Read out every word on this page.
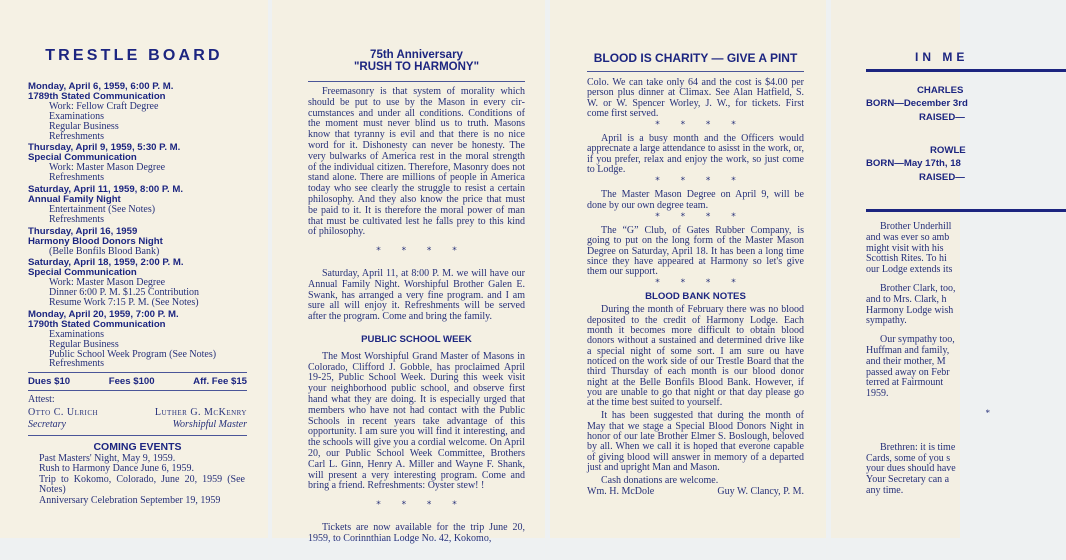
TRESTLE BOARD
Monday, April 6, 1959, 6:00 P. M.
1789th Stated Communication
Work: Fellow Craft Degree
Examinations
Regular Business
Refreshments
Thursday, April 9, 1959, 5:30 P. M.
Special Communication
Work: Master Mason Degree
Refreshments
Saturday, April 11, 1959, 8:00 P. M.
Annual Family Night
Entertainment (See Notes)
Refreshments
Thursday, April 16, 1959
Harmony Blood Donors Night
(Belle Bonfils Blood Bank)
Saturday, April 18, 1959, 2:00 P. M.
Special Communication
Work: Master Mason Degree
Dinner 6:00 P. M. $1.25 Contribution
Resume Work 7:15 P. M. (See Notes)
Monday, April 20, 1959, 7:00 P. M.
1790th Stated Communication
Examinations
Regular Business
Public School Week Program (See Notes)
Refreshments
Dues $10	Fees $100	Aff. Fee $15
Attest:
Otto C. Ulrich	Luther G. McKenry
Secretary	Worshipful Master
COMING EVENTS
Past Masters' Night, May 9, 1959.
Rush to Harmony Dance June 6, 1959.
Trip to Kokomo, Colorado, June 20, 1959 (See Notes)
Anniversary Celebration September 19, 1959
75th Anniversary
"RUSH TO HARMONY"

Freemasonry is that system of morality which should be put to use by the Mason in every circumstances and under all conditions. Conditions of the moment must never blind us to truth. Masons know that tyranny is evil and that there is no nice word for it. Dishonesty can never be honesty. The very bulwarks of America rest in the moral strength of the individual citizen. Therefore, Masonry does not stand alone. There are millions of people in America today who see clearly the struggle to resist a certain philosophy. And they also know the price that must be paid to it. It is therefore the moral power of man that must be cultivated lest he falls prey to this kind of philosophy.

* * * *

Saturday, April 11, at 8:00 P. M. we will have our Annual Family Night. Worshipful Brother Galen E. Swank, has arranged a very fine program. and I am sure all will enjoy it. Refreshments will be served after the program. Come and bring the family.

PUBLIC SCHOOL WEEK

The Most Worshipful Grand Master of Masons in Colorado, Clifford J. Gobble, has proclaimed April 19-25, Public School Week. During this week visit your neighborhood public school, and observe first hand what they are doing. It is especially urged that members who have not had contact with the Public Schools in recent years take advantage of this opportunity. I am sure you will find it interesting, and the schools will give you a cordial welcome. On April 20, our Public School Week Committee, Brothers Carl L. Ginn, Henry A. Miller and Wayne F. Shank, will present a very interesting program. Come and bring a friend. Refreshments: Oyster stew! !

* * * *

Tickets are now available for the trip June 20, 1959, to Corinnthian Lodge No. 42, Kokomo,

BLOOD IS CHARITY — GIVE A PINT

Colo. We can take only 64 and the cost is $4.00 per person plus dinner at Climax. See Alan Hatfield, S. W. or W. Spencer Worley, J. W., for tickets. First come first served.

* * * *

April is a busy month and the Officers would apprecnate a large attendance to asisst in the work, or, if you prefer, relax and enjoy the work, so just come to Lodge.

* * * *

The Master Mason Degree on April 9, will be done by our own degree team.

* * * *

The “G” Club, of Gates Rubber Company, is going to put on the long form of the Master Mason Degree on Saturday, April 18. It has been a long time since they have appeared at Harmony so let's give them our support.

* * * *
BLOOD BANK NOTES

During the month of February there was no blood deposited to the credit of Harmony Lodge. Each month it becomes more difficult to obtain blood donors without a sustained and determined drive like a special night of some sort. I am sure ou have noticed on the work side of our Trestle Board that the third Thursday of each month is our blood donor night at the Belle Bonfils Blood Bank. However, if you are unable to go that night or that day please go at the time best suited to yourself.

It has been suggested that during the month of May that we stage a Special Blood Donors Night in honor of our late Brother Elmer S. Boslough, beloved by all. When we call it is hoped that everone capable of giving blood will answer in memory of a departed just and upright Man and Mason.

Cash donations are welcome.

Wm. H. McDole	Guy W. Clancy, P. M.
IN ME
CHARLES
BORN—December 3rd
RAISED—
ROWLE
BORN—May 17th, 18
RAISED—

Brother Underhill

and was ever so amb

might visit with his

Scottish Rites. To hi

our Lodge extends its

Brother Clark, too,

and to Mrs. Clark, h

Harmony Lodge wish

sympathy.

Our sympathy too,

Huffman and family,

and their mother, M

passed away on Febr

terred at Fairmount

1959.

*

Brethren: it is time

Cards, some of you s

your dues should have

Your Secretary can a

any time.
